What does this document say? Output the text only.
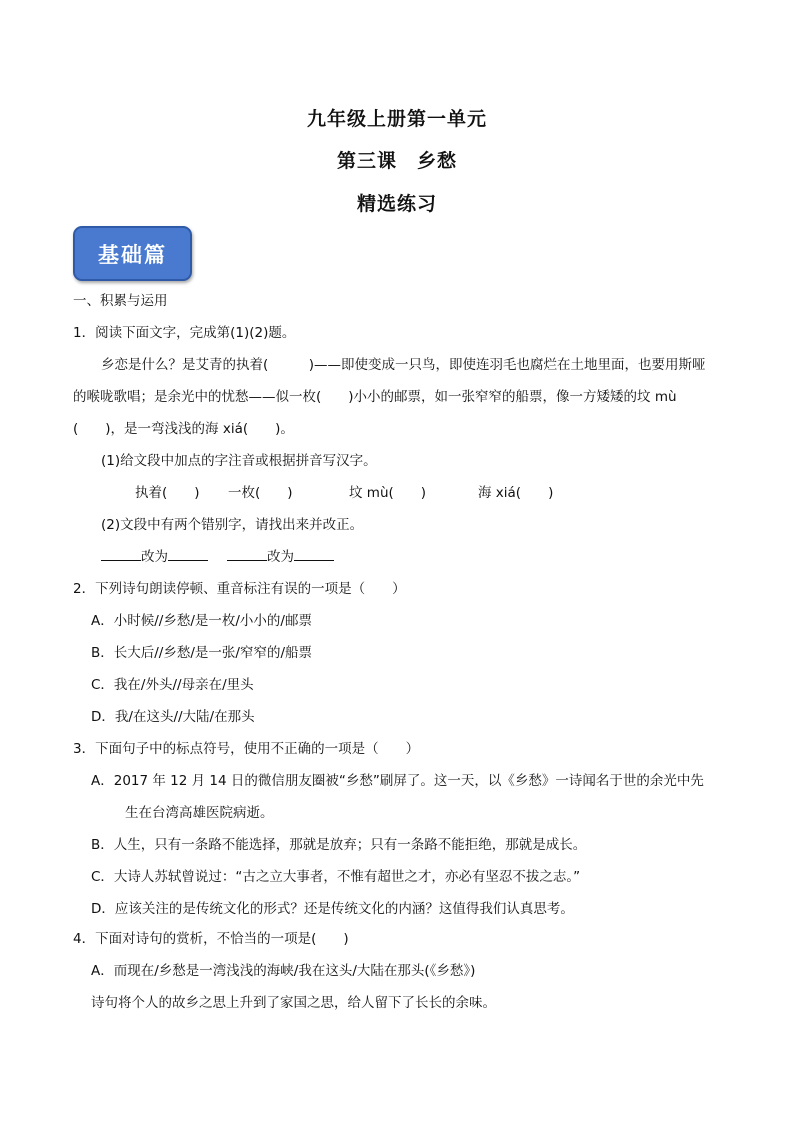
九年级上册第一单元
第三课　乡愁
精选练习
基础篇
一、积累与运用
1．阅读下面文字，完成第(1)(2)题。
乡恋是什么？是艾青的执着(　　　)——即使变成一只鸟，即使连羽毛也腐烂在土地里面，也要用斯哑
的喉咙歌唱；是余光中的忧愁——似一枚(　　)小小的邮票，如一张窄窄的船票，像一方矮矮的坟 mù
(　　)，是一弯浅浅的海 xiá(　　)。
(1)给文段中加点的字注音或根据拼音写汉字。
执着(　　) 一枚(　　)	坟 mù(　　)	海 xiá(　　)
(2)文段中有两个错别字，请找出来并改正。
改为	改为
2．下列诗句朗读停顿、重音标注有误的一项是（　　）
A．小时候//乡愁/是一枚/小小的/邮票
B．长大后//乡愁/是一张/窄窄的/船票
C．我在/外头//母亲在/里头
D．我/在这头//大陆/在那头
3．下面句子中的标点符号，使用不正确的一项是（　　）
A．2017 年 12 月 14 日的微信朋友圈被“乡愁”刷屏了。这一天，以《乡愁》一诗闻名于世的余光中先
生在台湾高雄医院病逝。
B．人生，只有一条路不能选择，那就是放弃；只有一条路不能拒绝，那就是成长。
C．大诗人苏轼曾说过：“古之立大事者，不惟有超世之才，亦必有坚忍不拔之志。”
D．应该关注的是传统文化的形式？还是传统文化的内涵？这值得我们认真思考。
4．下面对诗句的赏析，不恰当的一项是(　　)
A．而现在/乡愁是一湾浅浅的海峡/我在这头/大陆在那头(《乡愁》)
诗句将个人的故乡之思上升到了家国之思，给人留下了长长的余味。
